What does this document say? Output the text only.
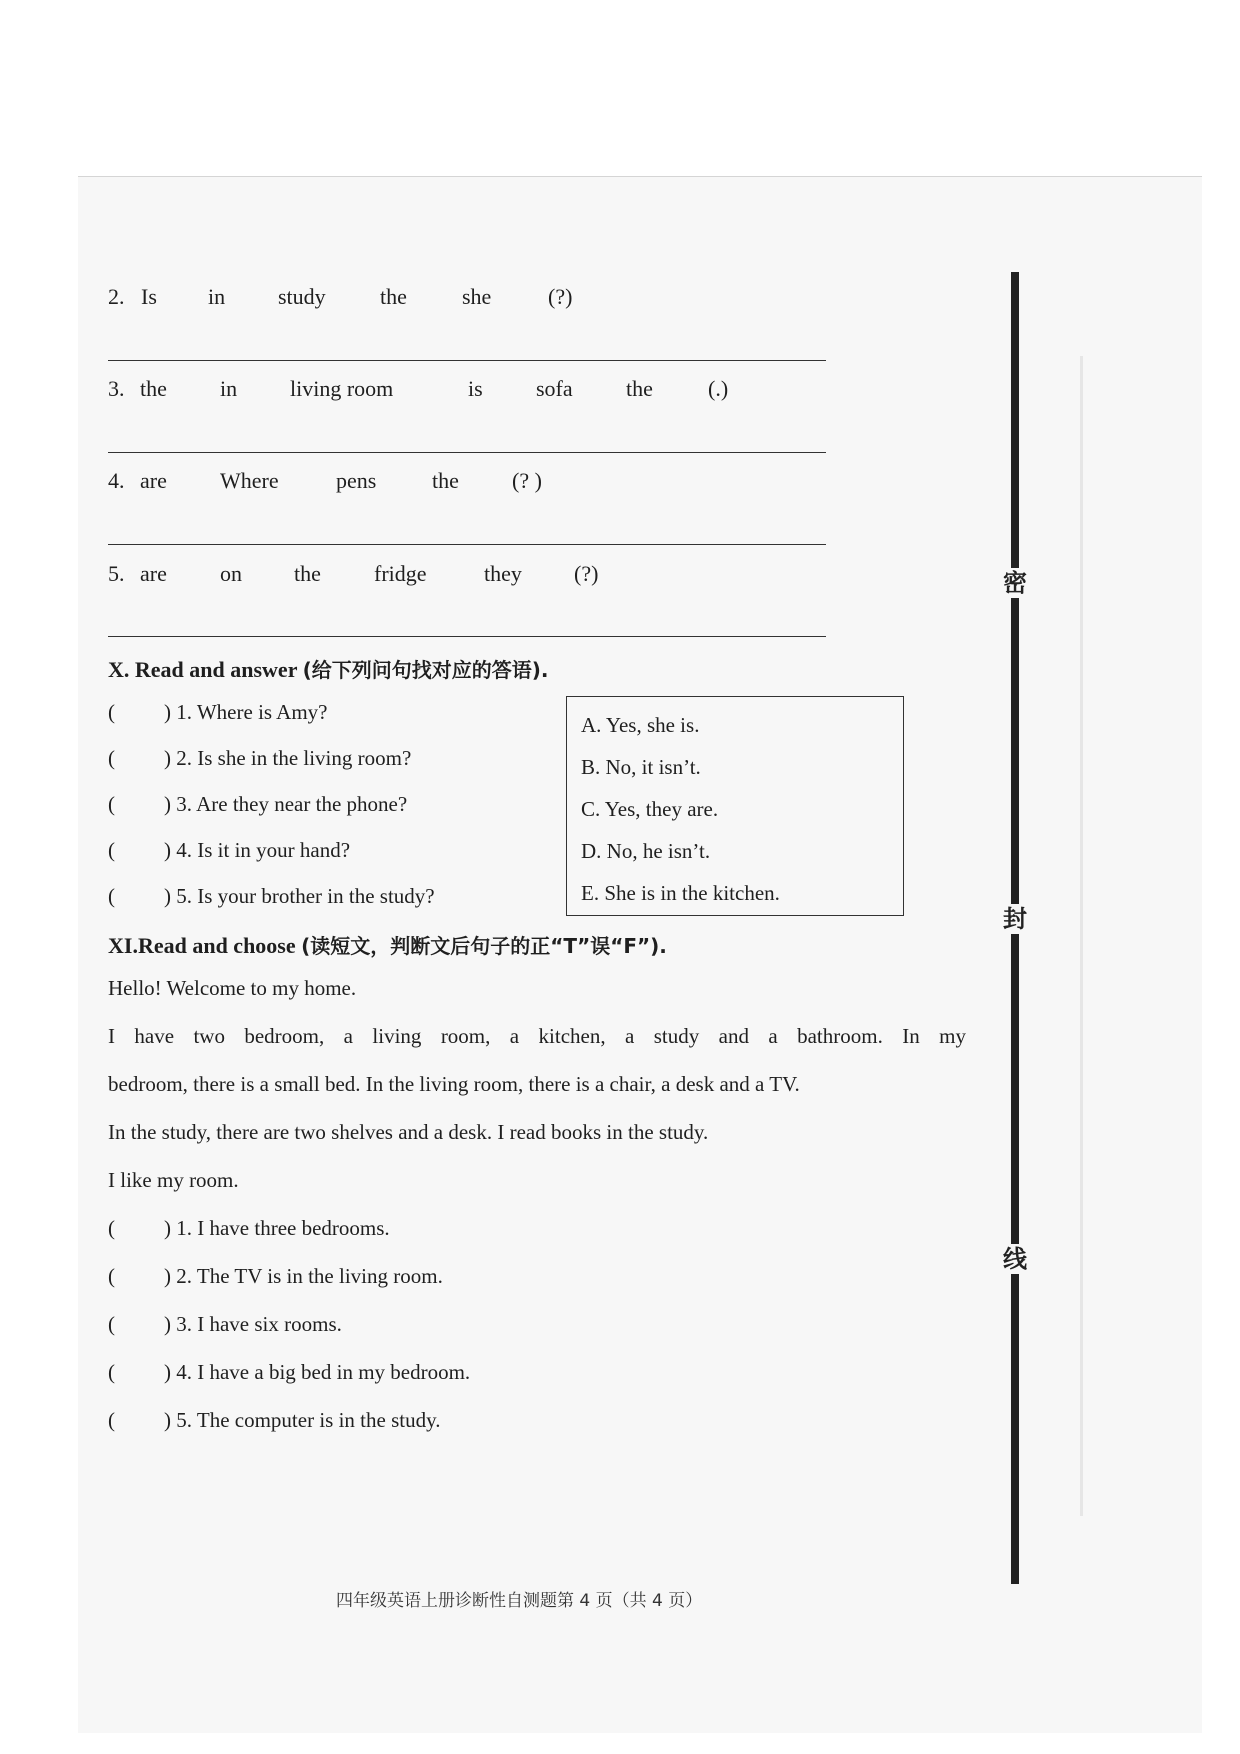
2. Is in study the	she	(?)
3. the in living room	is sofa the	(.)
4. are Where	pens	the (? )
5. are on the fridge	they (?)
X. Read and answer (给下列问句找对应的答语).
( ) 1. Where is Amy?
( ) 2. Is she in the living room?
( ) 3. Are they near the phone?
( ) 4. Is it in your hand?
( ) 5. Is your brother in the study?
A. Yes, she is.
B. No, it isn’t.
C. Yes, they are.
D. No, he isn’t.
E. She is in the kitchen.
XI.Read and choose (读短文，判断文后句子的正“T”误“F”).
Hello! Welcome to my home.
I have two bedroom, a living room, a kitchen, a study and a bathroom. In my
bedroom, there is a small bed. In the living room, there is a chair, a desk and a TV.
In the study, there are two shelves and a desk. I read books in the study.
I like my room.
( ) 1. I have three bedrooms.
( ) 2. The TV is in the living room.
( ) 3. I have six rooms.
( ) 4. I have a big bed in my bedroom.
( ) 5. The computer is in the study.
四年级英语上册诊断性自测题第 4 页（共 4 页）
密
封
线
